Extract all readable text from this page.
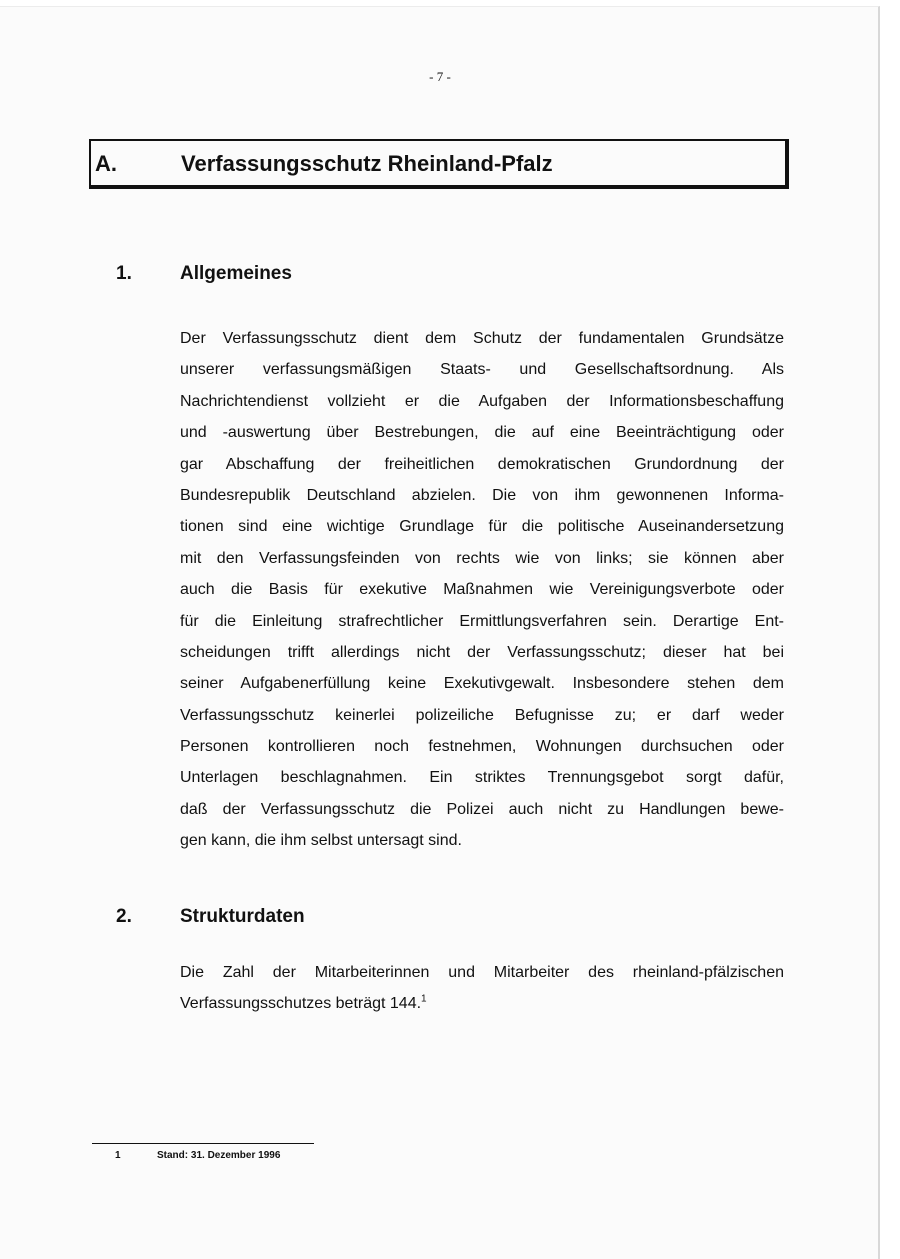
- 7 -
A.	Verfassungsschutz Rheinland-Pfalz
1.	Allgemeines
Der Verfassungsschutz dient dem Schutz der fundamentalen Grundsätze
unserer verfassungsmäßigen Staats- und Gesellschaftsordnung. Als
Nachrichtendienst vollzieht er die Aufgaben der Informationsbeschaffung
und -auswertung über Bestrebungen, die auf eine Beeinträchtigung oder
gar Abschaffung der freiheitlichen demokratischen Grundordnung der
Bundesrepublik Deutschland abzielen. Die von ihm gewonnenen Informa-
tionen sind eine wichtige Grundlage für die politische Auseinandersetzung
mit den Verfassungsfeinden von rechts wie von links; sie können aber
auch die Basis für exekutive Maßnahmen wie Vereinigungsverbote oder
für die Einleitung strafrechtlicher Ermittlungsverfahren sein. Derartige Ent-
scheidungen trifft allerdings nicht der Verfassungsschutz; dieser hat bei
seiner Aufgabenerfüllung keine Exekutivgewalt. Insbesondere stehen dem
Verfassungsschutz keinerlei polizeiliche Befugnisse zu; er darf weder
Personen kontrollieren noch festnehmen, Wohnungen durchsuchen oder
Unterlagen beschlagnahmen. Ein striktes Trennungsgebot sorgt dafür,
daß der Verfassungsschutz die Polizei auch nicht zu Handlungen bewe-
gen kann, die ihm selbst untersagt sind.
2.	Strukturdaten
Die Zahl der Mitarbeiterinnen und Mitarbeiter des rheinland-pfälzischen
Verfassungsschutzes beträgt 144.$^1$
1	Stand: 31. Dezember 1996
